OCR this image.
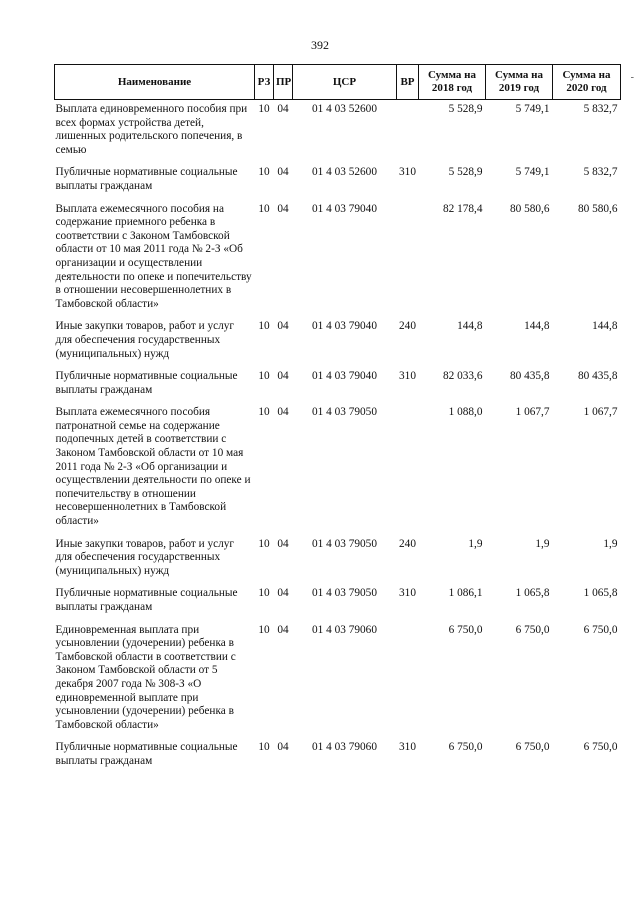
392
-
Наименование	РЗ	ПР	ЦСР	ВР	Сумма на 2018 год	Сумма на 2019 год	Сумма на 2020 год
Выплата единовременного пособия при всех формах устройства детей, лишенных родительского попечения, в семью	10	04	01 4 03 52600		5 528,9	5 749,1	5 832,7
Публичные нормативные социальные выплаты гражданам	10	04	01 4 03 52600	310	5 528,9	5 749,1	5 832,7
Выплата ежемесячного пособия на содержание приемного ребенка в соответствии с Законом Тамбовской области от 10 мая 2011 года № 2-З «Об организации и осуществлении деятельности по опеке и попечительству в отношении несовершеннолетних в Тамбовской области»	10	04	01 4 03 79040		82 178,4	80 580,6	80 580,6
Иные закупки товаров, работ и услуг для обеспечения государственных (муниципальных) нужд	10	04	01 4 03 79040	240	144,8	144,8	144,8
Публичные нормативные социальные выплаты гражданам	10	04	01 4 03 79040	310	82 033,6	80 435,8	80 435,8
Выплата ежемесячного пособия патронатной семье на содержание подопечных детей в соответствии с Законом Тамбовской области от 10 мая 2011 года № 2-З «Об организации и осуществлении деятельности по опеке и попечительству в отношении несовершеннолетних в Тамбовской области»	10	04	01 4 03 79050		1 088,0	1 067,7	1 067,7
Иные закупки товаров, работ и услуг для обеспечения государственных (муниципальных) нужд	10	04	01 4 03 79050	240	1,9	1,9	1,9
Публичные нормативные социальные выплаты гражданам	10	04	01 4 03 79050	310	1 086,1	1 065,8	1 065,8
Единовременная выплата при усыновлении (удочерении) ребенка в Тамбовской области в соответствии с Законом Тамбовской области от 5 декабря 2007 года № 308-З «О единовременной выплате при усыновлении (удочерении) ребенка в Тамбовской области»	10	04	01 4 03 79060		6 750,0	6 750,0	6 750,0
Публичные нормативные социальные выплаты гражданам	10	04	01 4 03 79060	310	6 750,0	6 750,0	6 750,0
